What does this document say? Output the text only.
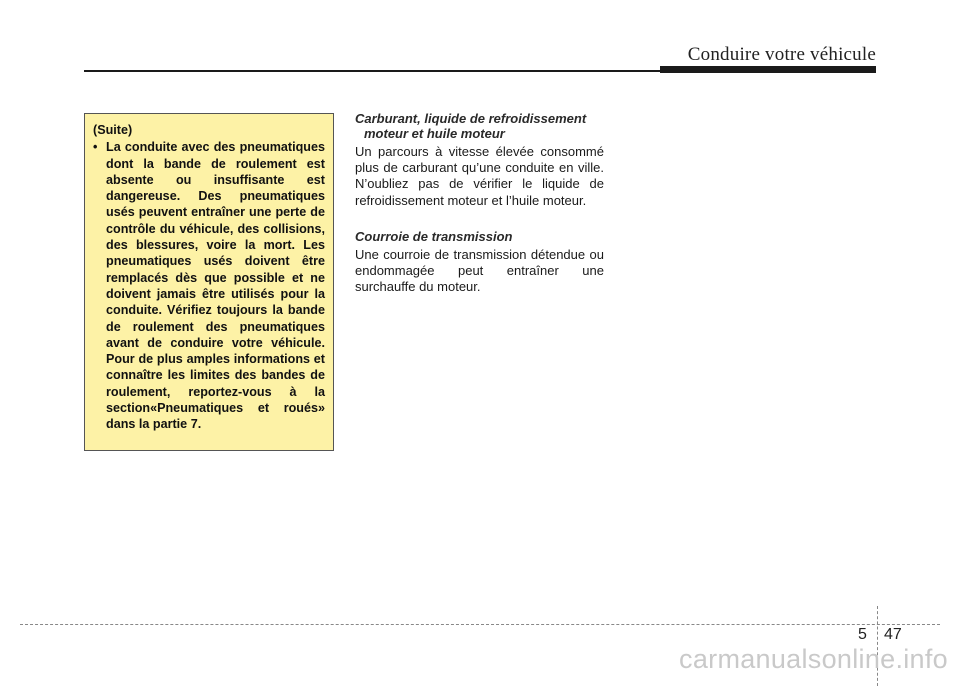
Conduire votre véhicule
(Suite)
• La conduite avec des pneumatiques dont la bande de roulement est absente ou insuffisante est dangereuse. Des pneumatiques usés peuvent entraîner une perte de contrôle du véhicule, des collisions, des blessures, voire la mort. Les pneumatiques usés doivent être remplacés dès que possible et ne doivent jamais être utilisés pour la conduite. Vérifiez toujours la bande de roulement des pneumatiques avant de conduire votre véhicule. Pour de plus amples informations et connaître les limites des bandes de roulement, reportez-vous à la section«Pneumatiques et roués» dans la partie 7.
Carburant, liquide de refroidissement
moteur et huile moteur

Un parcours à vitesse élevée consommé plus de carburant qu’une conduite en ville. N’oubliez pas de vérifier le liquide de refroidissement moteur et l’huile moteur.

Courroie de transmission

Une courroie de transmission détendue ou endommagée peut entraîner une surchauffe du moteur.

5 47
carmanualsonline.info
